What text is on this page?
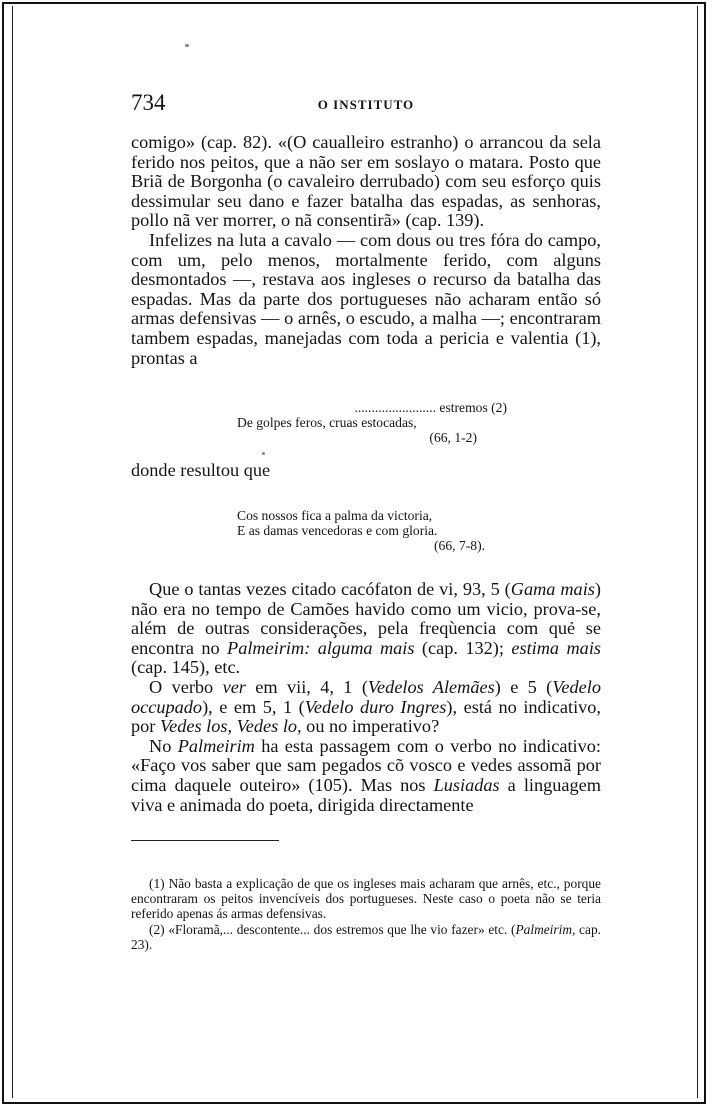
734	O INSTITUTO

comigo» (cap. 82). «(O caualleiro estranho) o arrancou da sela ferido nos peitos, que a não ser em soslayo o matara. Posto que Briã de Borgonha (o cavaleiro derrubado) com seu esforço quis dessimular seu dano e fazer batalha das espadas, as senhoras, pollo nã ver morrer, o nã consentirã» (cap. 139).

Infelizes na luta a cavalo — com dous ou tres fóra do campo, com um, pelo menos, mortalmente ferido, com alguns desmontados —, restava aos ingleses o recurso da batalha das espadas. Mas da parte dos portugueses não acharam então só armas defensivas — o arnês, o escudo, a malha —; encontraram tambem espadas, manejadas com toda a pericia e valentia (1), prontas a

........................ estremos (2)
De golpes feros, cruas estocadas,
(66, 1-2)
donde resultou que
Cos nossos fica a palma da victoria,
E as damas vencedoras e com gloria.
(66, 7-8).

Que o tantas vezes citado cacófaton de vi, 93, 5 (Gama mais) não era no tempo de Camões havido como um vicio, prova-se, além de outras considerações, pela freqùencia com quẻ se encontra no Palmeirim: alguma mais (cap. 132); estima mais (cap. 145), etc.

O verbo ver em vii, 4, 1 (Vedelos Alemães) e 5 (Vedelo occupado), e em 5, 1 (Vedelo duro Ingres), está no indicativo, por Vedes los, Vedes lo, ou no imperativo?

No Palmeirim ha esta passagem com o verbo no indicativo: «Faço vos saber que sam pegados cõ vosco e vedes assomã por cima daquele outeiro» (105). Mas nos Lusiadas a linguagem viva e animada do poeta, dirigida directamente

(1) Não basta a explicação de que os ingleses mais acharam que arnês, etc., porque encontraram os peitos invencíveis dos portugueses. Neste caso o poeta não se teria referido apenas ás armas defensivas.

(2) «Floramã,... descontente... dos estremos que lhe vio fazer» etc. (Palmeirim, cap. 23).
